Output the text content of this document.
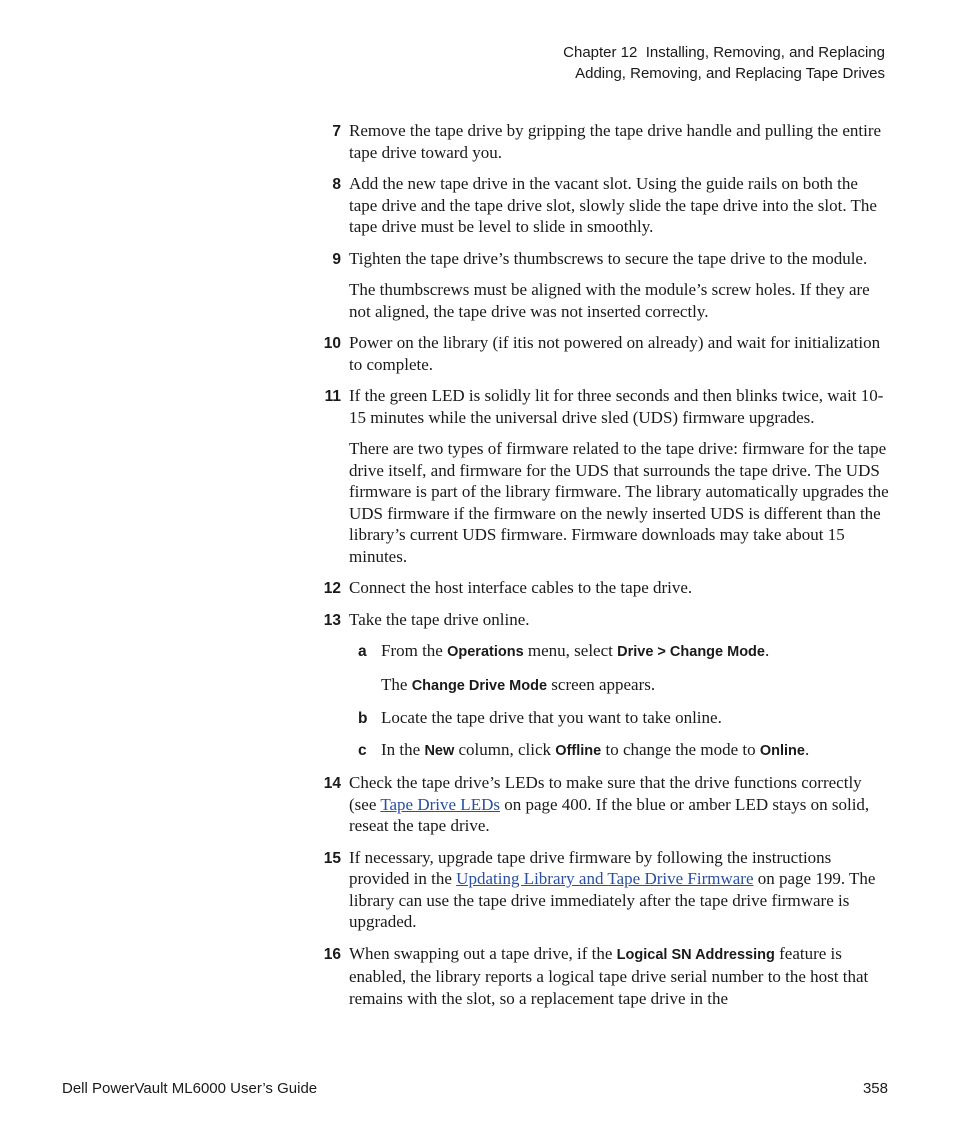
Chapter 12  Installing, Removing, and Replacing
Adding, Removing, and Replacing Tape Drives
7 Remove the tape drive by gripping the tape drive handle and pulling the entire tape drive toward you.
8 Add the new tape drive in the vacant slot. Using the guide rails on both the tape drive and the tape drive slot, slowly slide the tape drive into the slot. The tape drive must be level to slide in smoothly.
9 Tighten the tape drive’s thumbscrews to secure the tape drive to the module.
The thumbscrews must be aligned with the module’s screw holes. If they are not aligned, the tape drive was not inserted correctly.
10 Power on the library (if itis not powered on already) and wait for initialization to complete.
11 If the green LED is solidly lit for three seconds and then blinks twice, wait 10-15 minutes while the universal drive sled (UDS) firmware upgrades.
There are two types of firmware related to the tape drive: firmware for the tape drive itself, and firmware for the UDS that surrounds the tape drive. The UDS firmware is part of the library firmware. The library automatically upgrades the UDS firmware if the firmware on the newly inserted UDS is different than the library’s current UDS firmware. Firmware downloads may take about 15 minutes.
12 Connect the host interface cables to the tape drive.
13 Take the tape drive online.
a From the Operations menu, select Drive > Change Mode.
The Change Drive Mode screen appears.
b Locate the tape drive that you want to take online.
c In the New column, click Offline to change the mode to Online.
14 Check the tape drive’s LEDs to make sure that the drive functions correctly (see Tape Drive LEDs on page 400. If the blue or amber LED stays on solid, reseat the tape drive.
15 If necessary, upgrade tape drive firmware by following the instructions provided in the Updating Library and Tape Drive Firmware on page 199. The library can use the tape drive immediately after the tape drive firmware is upgraded.
16 When swapping out a tape drive, if the Logical SN Addressing feature is enabled, the library reports a logical tape drive serial number to the host that remains with the slot, so a replacement tape drive in the
Dell PowerVault ML6000 User’s Guide	358
